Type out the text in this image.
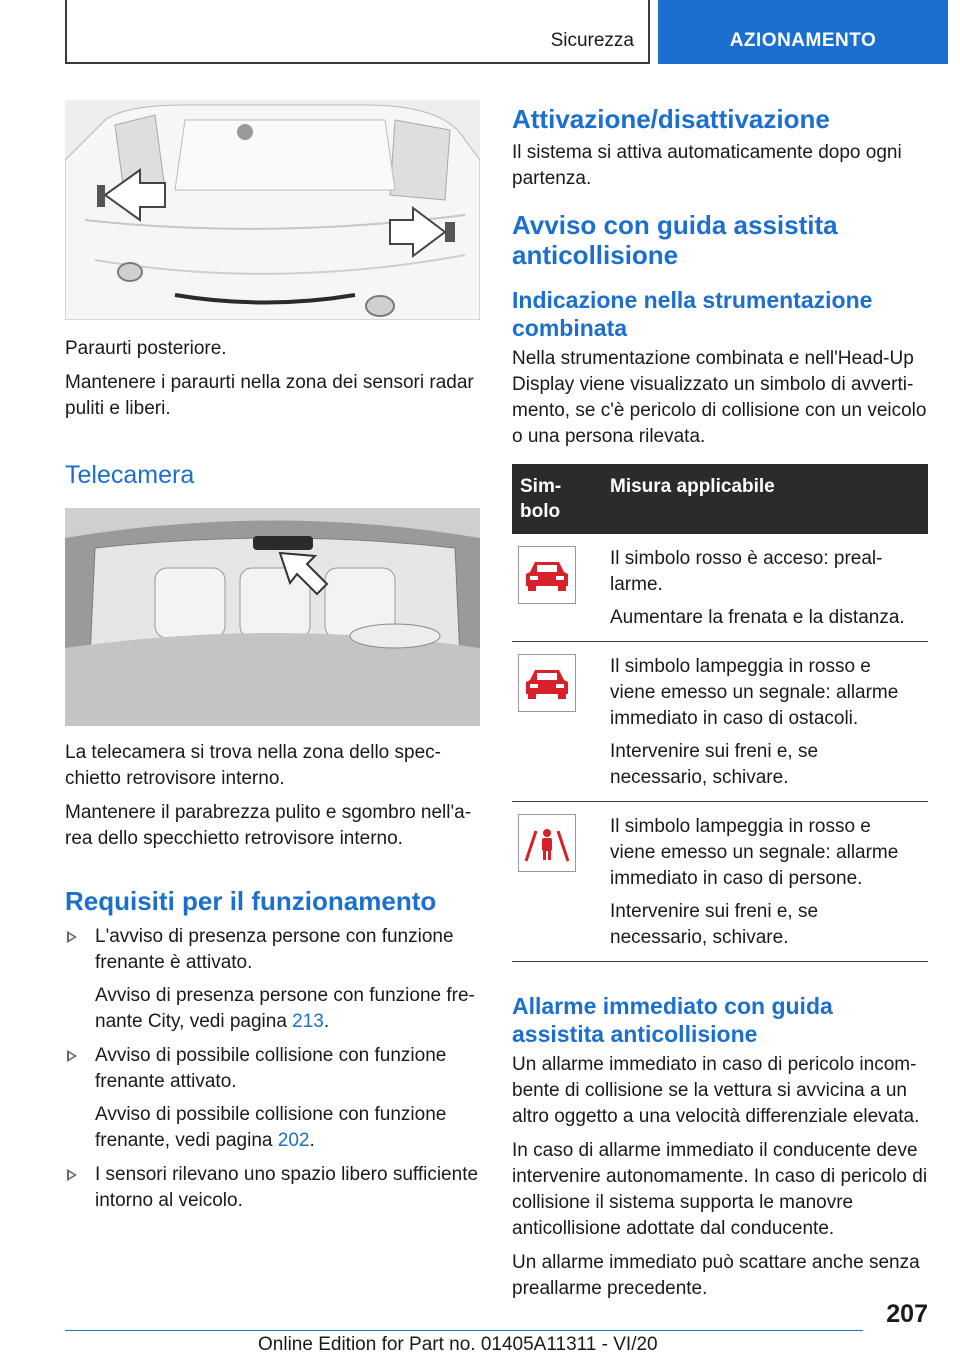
Sicurezza	AZIONAMENTO

Paraurti posteriore.

Mantenere i paraurti nella zona dei sensori radar puliti e liberi.

Telecamera

La telecamera si trova nella zona dello specchietto retrovisore interno.

Mantenere il parabrezza pulito e sgombro nell'area dello specchietto retrovisore interno.

Requisiti per il funzionamento

L'avviso di presenza persone con funzione frenante è attivato.

Avviso di presenza persone con funzione frenante City, vedi pagina 213.

Avviso di possibile collisione con funzione frenante attivato.

Avviso di possibile collisione con funzione frenante, vedi pagina 202.

I sensori rilevano uno spazio libero sufficiente intorno al veicolo.

Attivazione/disattivazione

Il sistema si attiva automaticamente dopo ogni partenza.

Avviso con guida assistita anticollisione
Indicazione nella strumentazione combinata

Nella strumentazione combinata e nell'Head-Up Display viene visualizzato un simbolo di avvertimento, se c'è pericolo di collisione con un veicolo o una persona rilevata.

Simbolo	Misura applicabile

Il simbolo rosso è acceso: preallarme.

Aumentare la frenata e la distanza.

Il simbolo lampeggia in rosso e viene emesso un segnale: allarme immediato in caso di ostacoli.

Intervenire sui freni e, se necessario, schivare.

Il simbolo lampeggia in rosso e viene emesso un segnale: allarme immediato in caso di persone.

Intervenire sui freni e, se necessario, schivare.

Allarme immediato con guida assistita anticollisione

Un allarme immediato in caso di pericolo incombente di collisione se la vettura si avvicina a un altro oggetto a una velocità differenziale elevata.

In caso di allarme immediato il conducente deve intervenire autonomamente. In caso di pericolo di collisione il sistema supporta le manovre anticollisione adottate dal conducente.

Un allarme immediato può scattare anche senza preallarme precedente.

207
Online Edition for Part no. 01405A11311 - VI/20
